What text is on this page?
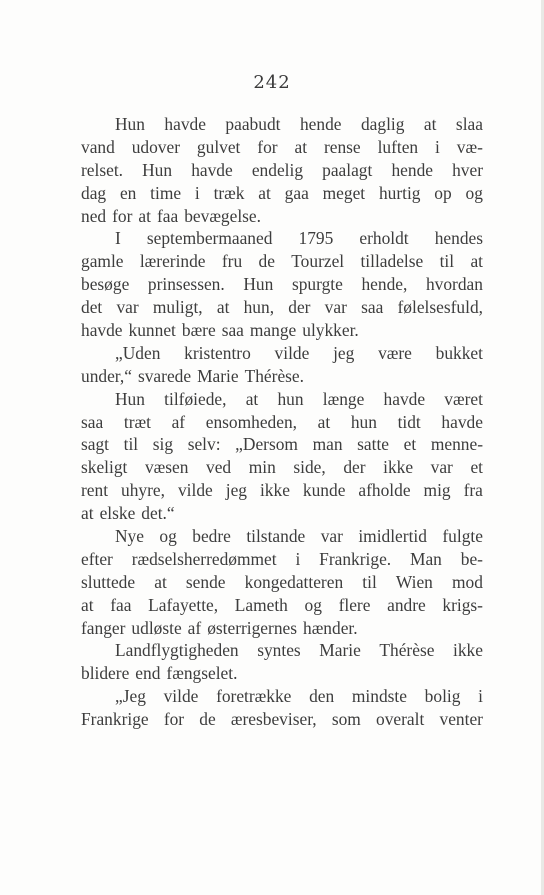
242
Hun havde paabudt hende daglig at slaa
vand udover gulvet for at rense luften i væ-
relset. Hun havde endelig paalagt hende hver
dag en time i træk at gaa meget hurtig op og
ned for at faa bevægelse.
I septembermaaned 1795 erholdt hendes
gamle lærerinde fru de Tourzel tilladelse til at
besøge prinsessen. Hun spurgte hende, hvordan
det var muligt, at hun, der var saa følelsesfuld,
havde kunnet bære saa mange ulykker.
„Uden kristentro vilde jeg være bukket
under,“ svarede Marie Thérèse.
Hun tilføiede, at hun længe havde været
saa træt af ensomheden, at hun tidt havde
sagt til sig selv: „Dersom man satte et menne-
skeligt væsen ved min side, der ikke var et
rent uhyre, vilde jeg ikke kunde afholde mig fra
at elske det.“
Nye og bedre tilstande var imidlertid fulgte
efter rædselsherredømmet i Frankrige. Man be-
sluttede at sende kongedatteren til Wien mod
at faa Lafayette, Lameth og flere andre krigs-
fanger udløste af østerrigernes hænder.
Landflygtigheden syntes Marie Thérèse ikke
blidere end fængselet.
„Jeg vilde foretrække den mindste bolig i
Frankrige for de æresbeviser, som overalt venter
